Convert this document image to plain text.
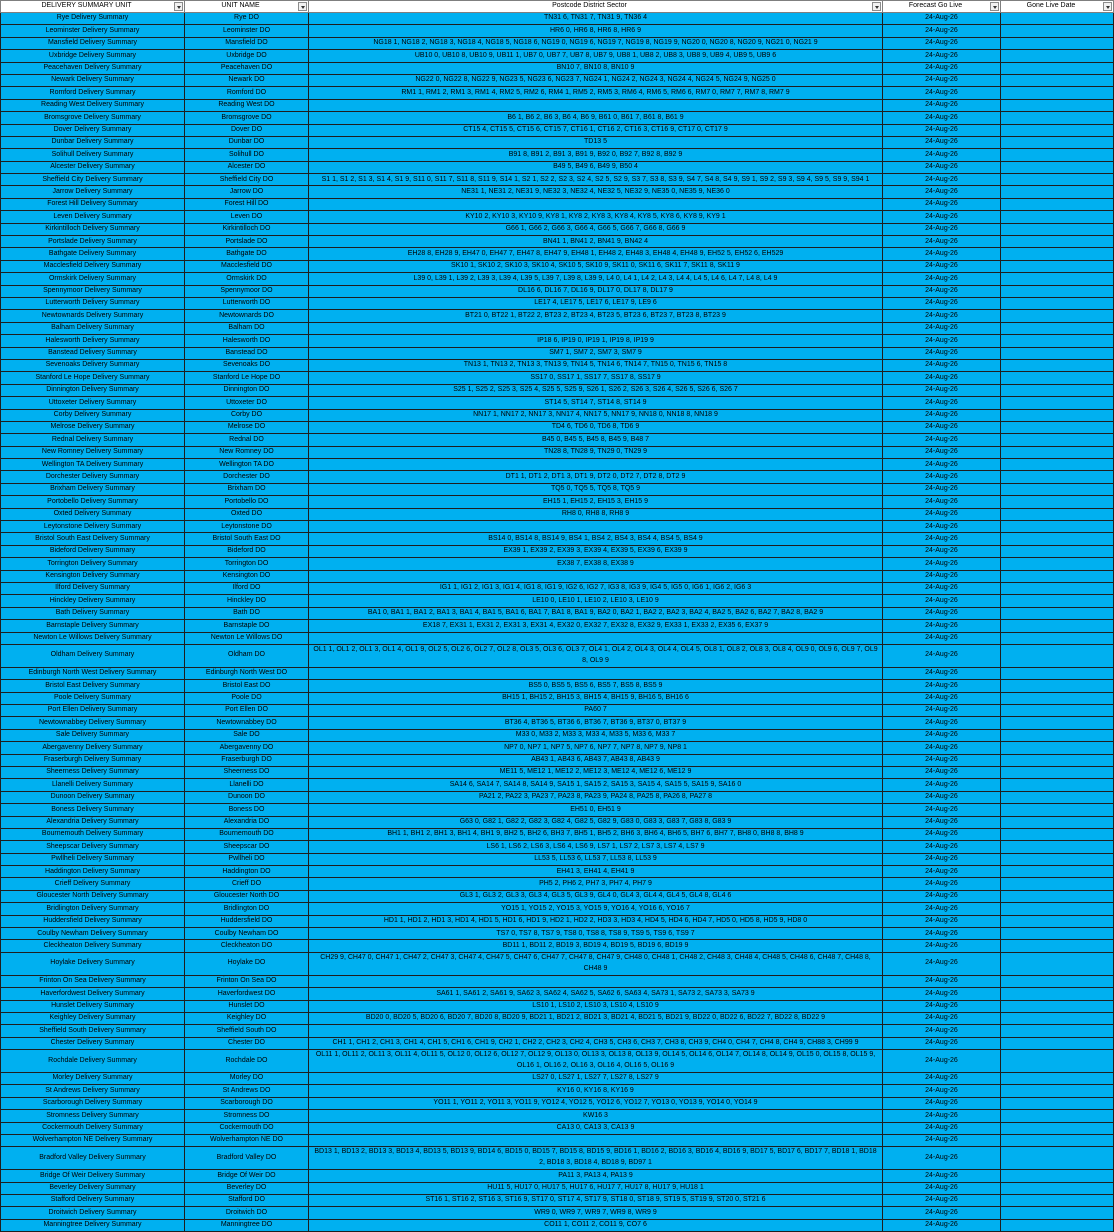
DELIVERY SUMMARY UNIT	UNIT NAME	Postcode District Sector	Forecast Go Live	Gone Live Date

Rye Delivery Summary	Rye DO	TN31 6, TN31 7, TN31 9, TN36 4	24-Aug-26	
Leominster Delivery Summary	Leominster DO	HR6 0, HR6 8, HR6 8, HR6 9	24-Aug-26	
Mansfield Delivery Summary	Mansfield DO	NG18 1, NG18 2, NG18 3, NG18 4, NG18 5, NG18 6, NG19 0, NG19 6, NG19 7, NG19 8, NG19 9, NG20 0, NG20 8, NG20 9, NG21 0, NG21 9	24-Aug-26	
Uxbridge Delivery Summary	Uxbridge DO	UB10 0, UB10 8, UB10 9, UB11 1, UB7 0, UB7 7, UB7 8, UB7 9, UB8 1, UB8 2, UB8 3, UB8 9, UB9 4, UB9 5, UB9 6	24-Aug-26	
Peacehaven Delivery Summary	Peacehaven DO	BN10 7, BN10 8, BN10 9	24-Aug-26	
Newark Delivery Summary	Newark DO	NG22 0, NG22 8, NG22 9, NG23 5, NG23 6, NG23 7, NG24 1, NG24 2, NG24 3, NG24 4, NG24 5, NG24 9, NG25 0	24-Aug-26	
Romford Delivery Summary	Romford DO	RM1 1, RM1 2, RM1 3, RM1 4, RM2 5, RM2 6, RM4 1, RM5 2, RM5 3, RM6 4, RM6 5, RM6 6, RM7 0, RM7 7, RM7 8, RM7 9	24-Aug-26	
Reading West Delivery Summary	Reading West DO		24-Aug-26	
Bromsgrove Delivery Summary	Bromsgrove DO	B6 1, B6 2, B6 3, B6 4, B6 9, B61 0, B61 7, B61 8, B61 9	24-Aug-26	
Dover Delivery Summary	Dover DO	CT15 4, CT15 5, CT15 6, CT15 7, CT16 1, CT16 2, CT16 3, CT16 9, CT17 0, CT17 9	24-Aug-26	
Dunbar Delivery Summary	Dunbar DO	TD13 5	24-Aug-26	
Solihull Delivery Summary	Solihull DO	B91 8, B91 2, B91 3, B91 9, B92 0, B92 7, B92 8, B92 9	24-Aug-26	
Alcester Delivery Summary	Alcester DO	B49 5, B49 6, B49 9, B50 4	24-Aug-26	
Sheffield City Delivery Summary	Sheffield City DO	S1 1, S1 2, S1 3, S1 4, S1 9, S11 0, S11 7, S11 8, S11 9, S14 1, S2 1, S2 2, S2 3, S2 4, S2 5, S2 9, S3 7, S3 8, S3 9, S4 7, S4 8, S4 9, S9 1, S9 2, S9 3, S9 4, S9 5, S9 9, S94 1	24-Aug-26	
Jarrow Delivery Summary	Jarrow DO	NE31 1, NE31 2, NE31 9, NE32 3, NE32 4, NE32 5, NE32 9, NE35 0, NE35 9, NE36 0	24-Aug-26	
Forest Hill Delivery Summary	Forest Hill DO		24-Aug-26	
Leven Delivery Summary	Leven DO	KY10 2, KY10 3, KY10 9, KY8 1, KY8 2, KY8 3, KY8 4, KY8 5, KY8 6, KY8 9, KY9 1	24-Aug-26	
Kirkintilloch Delivery Summary	Kirkintilloch DO	G66 1, G66 2, G66 3, G66 4, G66 5, G66 7, G66 8, G66 9	24-Aug-26	
Portslade Delivery Summary	Portslade DO	BN41 1, BN41 2, BN41 9, BN42 4	24-Aug-26	
Bathgate Delivery Summary	Bathgate DO	EH28 8, EH28 9, EH47 0, EH47 7, EH47 8, EH47 9, EH48 1, EH48 2, EH48 3, EH48 4, EH48 9, EH52 5, EH52 6, EH529	24-Aug-26	
Macclesfield Delivery Summary	Macclesfield DO	SK10 1, SK10 2, SK10 3, SK10 4, SK10 5, SK10 9, SK11 0, SK11 6, SK11 7, SK11 8, SK11 9	24-Aug-26	
Ormskirk Delivery Summary	Ormskirk DO	L39 0, L39 1, L39 2, L39 3, L39 4, L39 5, L39 7, L39 8, L39 9, L4 0, L4 1, L4 2, L4 3, L4 4, L4 5, L4 6, L4 7, L4 8, L4 9	24-Aug-26	
Spennymoor Delivery Summary	Spennymoor DO	DL16 6, DL16 7, DL16 9, DL17 0, DL17 8, DL17 9	24-Aug-26	
Lutterworth Delivery Summary	Lutterworth DO	LE17 4, LE17 5, LE17 6, LE17 9, LE9 6	24-Aug-26	
Newtownards Delivery Summary	Newtownards DO	BT21 0, BT22 1, BT22 2, BT23 2, BT23 4, BT23 5, BT23 6, BT23 7, BT23 8, BT23 9	24-Aug-26	
Balham Delivery Summary	Balham DO		24-Aug-26	
Halesworth Delivery Summary	Halesworth DO	IP18 6, IP19 0, IP19 1, IP19 8, IP19 9	24-Aug-26	
Banstead Delivery Summary	Banstead DO	SM7 1, SM7 2, SM7 3, SM7 9	24-Aug-26	
Sevenoaks Delivery Summary	Sevenoaks DO	TN13 1, TN13 2, TN13 3, TN13 9, TN14 5, TN14 6, TN14 7, TN15 0, TN15 6, TN15 8	24-Aug-26	
Stanford Le Hope Delivery Summary	Stanford Le Hope DO	SS17 0, SS17 1, SS17 7, SS17 8, SS17 9	24-Aug-26	
Dinnington Delivery Summary	Dinnington DO	S25 1, S25 2, S25 3, S25 4, S25 5, S25 9, S26 1, S26 2, S26 3, S26 4, S26 5, S26 6, S26 7	24-Aug-26	
Uttoxeter Delivery Summary	Uttoxeter DO	ST14 5, ST14 7, ST14 8, ST14 9	24-Aug-26	
Corby Delivery Summary	Corby DO	NN17 1, NN17 2, NN17 3, NN17 4, NN17 5, NN17 9, NN18 0, NN18 8, NN18 9	24-Aug-26	
Melrose Delivery Summary	Melrose DO	TD4 6, TD6 0, TD6 8, TD6 9	24-Aug-26	
Rednal Delivery Summary	Rednal DO	B45 0, B45 5, B45 8, B45 9, B48 7	24-Aug-26	
New Romney Delivery Summary	New Romney DO	TN28 8, TN28 9, TN29 0, TN29 9	24-Aug-26	
Wellington TA Delivery Summary	Wellington TA DO		24-Aug-26	
Dorchester Delivery Summary	Dorchester DO	DT1 1, DT1 2, DT1 3, DT1 9, DT2 0, DT2 7, DT2 8, DT2 9	24-Aug-26	
Brixham Delivery Summary	Brixham DO	TQ5 0, TQ5 5, TQ5 8, TQ5 9	24-Aug-26	
Portobello Delivery Summary	Portobello DO	EH15 1, EH15 2, EH15 3, EH15 9	24-Aug-26	
Oxted Delivery Summary	Oxted DO	RH8 0, RH8 8, RH8 9	24-Aug-26	
Leytonstone Delivery Summary	Leytonstone DO		24-Aug-26	
Bristol South East Delivery Summary	Bristol South East DO	BS14 0, BS14 8, BS14 9, BS4 1, BS4 2, BS4 3, BS4 4, BS4 5, BS4 9	24-Aug-26	
Bideford Delivery Summary	Bideford DO	EX39 1, EX39 2, EX39 3, EX39 4, EX39 5, EX39 6, EX39 9	24-Aug-26	
Torrington Delivery Summary	Torrington DO	EX38 7, EX38 8, EX38 9	24-Aug-26	
Kensington Delivery Summary	Kensington DO		24-Aug-26	
Ilford Delivery Summary	Ilford DO	IG1 1, IG1 2, IG1 3, IG1 4, IG1 8, IG1 9, IG2 6, IG2 7, IG3 8, IG3 9, IG4 5, IG5 0, IG6 1, IG6 2, IG6 3	24-Aug-26	
Hinckley Delivery Summary	Hinckley DO	LE10 0, LE10 1, LE10 2, LE10 3, LE10 9	24-Aug-26	
Bath Delivery Summary	Bath DO	BA1 0, BA1 1, BA1 2, BA1 3, BA1 4, BA1 5, BA1 6, BA1 7, BA1 8, BA1 9, BA2 0, BA2 1, BA2 2, BA2 3, BA2 4, BA2 5, BA2 6, BA2 7, BA2 8, BA2 9	24-Aug-26	
Barnstaple Delivery Summary	Barnstaple DO	EX18 7, EX31 1, EX31 2, EX31 3, EX31 4, EX32 0, EX32 7, EX32 8, EX32 9, EX33 1, EX33 2, EX35 6, EX37 9	24-Aug-26	
Newton Le Willows Delivery Summary	Newton Le Willows DO		24-Aug-26	
Oldham Delivery Summary	Oldham DO	OL1 1, OL1 2, OL1 3, OL1 4, OL1 9, OL2 5, OL2 6, OL2 7, OL2 8, OL3 5, OL3 6, OL3 7, OL4 1, OL4 2, OL4 3, OL4 4, OL4 5, OL8 1, OL8 2, OL8 3, OL8 4, OL9 0, OL9 6, OL9 7, OL9 8, OL9 9	24-Aug-26	
Edinburgh North West Delivery Summary	Edinburgh North West DO		24-Aug-26	
Bristol East Delivery Summary	Bristol East DO	BS5 0, BS5 5, BS5 6, BS5 7, BS5 8, BS5 9	24-Aug-26	
Poole Delivery Summary	Poole DO	BH15 1, BH15 2, BH15 3, BH15 4, BH15 9, BH16 5, BH16 6	24-Aug-26	
Port Ellen Delivery Summary	Port Ellen DO	PA60 7	24-Aug-26	
Newtownabbey Delivery Summary	Newtownabbey DO	BT36 4, BT36 5, BT36 6, BT36 7, BT36 9, BT37 0, BT37 9	24-Aug-26	
Sale Delivery Summary	Sale DO	M33 0, M33 2, M33 3, M33 4, M33 5, M33 6, M33 7	24-Aug-26	
Abergavenny Delivery Summary	Abergavenny DO	NP7 0, NP7 1, NP7 5, NP7 6, NP7 7, NP7 8, NP7 9, NP8 1	24-Aug-26	
Fraserburgh Delivery Summary	Fraserburgh DO	AB43 1, AB43 6, AB43 7, AB43 8, AB43 9	24-Aug-26	
Sheerness Delivery Summary	Sheerness DO	ME11 5, ME12 1, ME12 2, ME12 3, ME12 4, ME12 6, ME12 9	24-Aug-26	
Llanelli Delivery Summary	Llanelli DO	SA14 6, SA14 7, SA14 8, SA14 9, SA15 1, SA15 2, SA15 3, SA15 4, SA15 5, SA15 9, SA16 0	24-Aug-26	
Dunoon Delivery Summary	Dunoon DO	PA21 2, PA22 3, PA23 7, PA23 8, PA23 9, PA24 8, PA25 8, PA26 8, PA27 8	24-Aug-26	
Boness Delivery Summary	Boness DO	EH51 0, EH51 9	24-Aug-26	
Alexandria Delivery Summary	Alexandria DO	G63 0, G82 1, G82 2, G82 3, G82 4, G82 5, G82 9, G83 0, G83 3, G83 7, G83 8, G83 9	24-Aug-26	
Bournemouth Delivery Summary	Bournemouth DO	BH1 1, BH1 2, BH1 3, BH1 4, BH1 9, BH2 5, BH2 6, BH3 7, BH5 1, BH5 2, BH6 3, BH6 4, BH6 5, BH7 6, BH7 7, BH8 0, BH8 8, BH8 9	24-Aug-26	
Sheepscar Delivery Summary	Sheepscar DO	LS6 1, LS6 2, LS6 3, LS6 4, LS6 9, LS7 1, LS7 2, LS7 3, LS7 4, LS7 9	24-Aug-26	
Pwllheli Delivery Summary	Pwllheli DO	LL53 5, LL53 6, LL53 7, LL53 8, LL53 9	24-Aug-26	
Haddington Delivery Summary	Haddington DO	EH41 3, EH41 4, EH41 9	24-Aug-26	
Crieff Delivery Summary	Crieff DO	PH5 2, PH6 2, PH7 3, PH7 4, PH7 9	24-Aug-26	
Gloucester North Delivery Summary	Gloucester North DO	GL3 1, GL3 2, GL3 3, GL3 4, GL3 5, GL3 9, GL4 0, GL4 3, GL4 4, GL4 5, GL4 8, GL4 6	24-Aug-26	
Bridlington Delivery Summary	Bridlington DO	YO15 1, YO15 2, YO15 3, YO15 9, YO16 4, YO16 6, YO16 7	24-Aug-26	
Huddersfield Delivery Summary	Huddersfield DO	HD1 1, HD1 2, HD1 3, HD1 4, HD1 5, HD1 6, HD1 9, HD2 1, HD2 2, HD3 3, HD3 4, HD4 5, HD4 6, HD4 7, HD5 0, HD5 8, HD5 9, HD8 0	24-Aug-26	
Coulby Newham Delivery Summary	Coulby Newham DO	TS7 0, TS7 8, TS7 9, TS8 0, TS8 8, TS8 9, TS9 5, TS9 6, TS9 7	24-Aug-26	
Cleckheaton Delivery Summary	Cleckheaton DO	BD11 1, BD11 2, BD19 3, BD19 4, BD19 5, BD19 6, BD19 9	24-Aug-26	
Hoylake Delivery Summary	Hoylake DO	CH29 9, CH47 0, CH47 1, CH47 2, CH47 3, CH47 4, CH47 5, CH47 6, CH47 7, CH47 8, CH47 9, CH48 0, CH48 1, CH48 2, CH48 3, CH48 4, CH48 5, CH48 6, CH48 7, CH48 8, CH48 9	24-Aug-26	
Frinton On Sea Delivery Summary	Frinton On Sea DO		24-Aug-26	
Haverfordwest Delivery Summary	Haverfordwest DO	SA61 1, SA61 2, SA61 9, SA62 3, SA62 4, SA62 5, SA62 6, SA63 4, SA73 1, SA73 2, SA73 3, SA73 9	24-Aug-26	
Hunslet Delivery Summary	Hunslet DO	LS10 1, LS10 2, LS10 3, LS10 4, LS10 9	24-Aug-26	
Keighley Delivery Summary	Keighley DO	BD20 0, BD20 5, BD20 6, BD20 7, BD20 8, BD20 9, BD21 1, BD21 2, BD21 3, BD21 4, BD21 5, BD21 9, BD22 0, BD22 6, BD22 7, BD22 8, BD22 9	24-Aug-26	
Sheffield South Delivery Summary	Sheffield South DO		24-Aug-26	
Chester Delivery Summary	Chester DO	CH1 1, CH1 2, CH1 3, CH1 4, CH1 5, CH1 6, CH1 9, CH2 1, CH2 2, CH2 3, CH2 4, CH3 5, CH3 6, CH3 7, CH3 8, CH3 9, CH4 0, CH4 7, CH4 8, CH4 9, CH88 3, CH99 9	24-Aug-26	
Rochdale Delivery Summary	Rochdale DO	OL11 1, OL11 2, OL11 3, OL11 4, OL11 5, OL12 0, OL12 6, OL12 7, OL12 9, OL13 0, OL13 3, OL13 8, OL13 9, OL14 5, OL14 6, OL14 7, OL14 8, OL14 9, OL15 0, OL15 8, OL15 9, OL16 1, OL16 2, OL16 3, OL16 4, OL16 5, OL16 9	24-Aug-26	
Morley Delivery Summary	Morley DO	LS27 0, LS27 1, LS27 7, LS27 8, LS27 9	24-Aug-26	
St Andrews Delivery Summary	St Andrews DO	KY16 0, KY16 8, KY16 9	24-Aug-26	
Scarborough Delivery Summary	Scarborough DO	YO11 1, YO11 2, YO11 3, YO11 9, YO12 4, YO12 5, YO12 6, YO12 7, YO13 0, YO13 9, YO14 0, YO14 9	24-Aug-26	
Stromness Delivery Summary	Stromness DO	KW16 3	24-Aug-26	
Cockermouth Delivery Summary	Cockermouth DO	CA13 0, CA13 3, CA13 9	24-Aug-26	
Wolverhampton NE Delivery Summary	Wolverhampton NE DO		24-Aug-26	
Bradford Valley Delivery Summary	Bradford Valley DO	BD13 1, BD13 2, BD13 3, BD13 4, BD13 5, BD13 9, BD14 6, BD15 0, BD15 7, BD15 8, BD15 9, BD16 1, BD16 2, BD16 3, BD16 4, BD16 9, BD17 5, BD17 6, BD17 7, BD18 1, BD18 2, BD18 3, BD18 4, BD18 9, BD97 1	24-Aug-26	
Bridge Of Weir Delivery Summary	Bridge Of Weir DO	PA11 3, PA13 4, PA13 9	24-Aug-26	
Beverley Delivery Summary	Beverley DO	HU11 5, HU17 0, HU17 5, HU17 6, HU17 7, HU17 8, HU17 9, HU18 1	24-Aug-26	
Stafford Delivery Summary	Stafford DO	ST16 1, ST16 2, ST16 3, ST16 9, ST17 0, ST17 4, ST17 9, ST18 0, ST18 9, ST19 5, ST19 9, ST20 0, ST21 6	24-Aug-26	
Droitwich Delivery Summary	Droitwich DO	WR9 0, WR9 7, WR9 7, WR9 8, WR9 9	24-Aug-26	
Manningtree Delivery Summary	Manningtree DO	CO11 1, CO11 2, CO11 9, CO7 6	24-Aug-26	
